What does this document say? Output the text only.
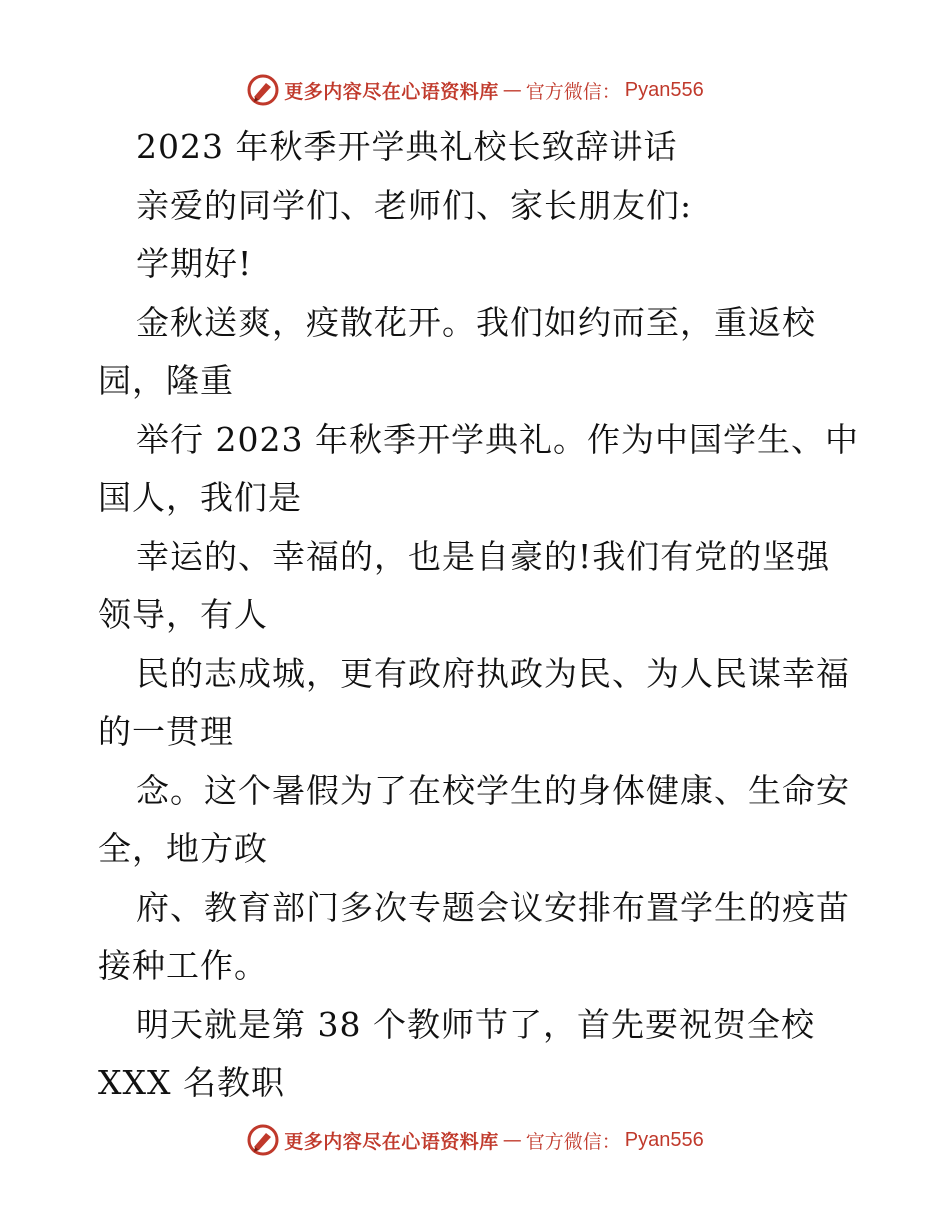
更多内容尽在心语资料库 — 官方微信： Pyan556
2023 年秋季开学典礼校长致辞讲话
亲爱的同学们、老师们、家长朋友们:
学期好!
金秋送爽，疫散花开。我们如约而至，重返校
园，隆重
举行 2023 年秋季开学典礼。作为中国学生、中
国人，我们是
幸运的、幸福的，也是自豪的!我们有党的坚强
领导，有人
民的志成城，更有政府执政为民、为人民谋幸福
的一贯理
念。这个暑假为了在校学生的身体健康、生命安
全，地方政
府、教育部门多次专题会议安排布置学生的疫苗
接种工作。
明天就是第 38 个教师节了，首先要祝贺全校
XXX 名教职
更多内容尽在心语资料库 — 官方微信： Pyan556
